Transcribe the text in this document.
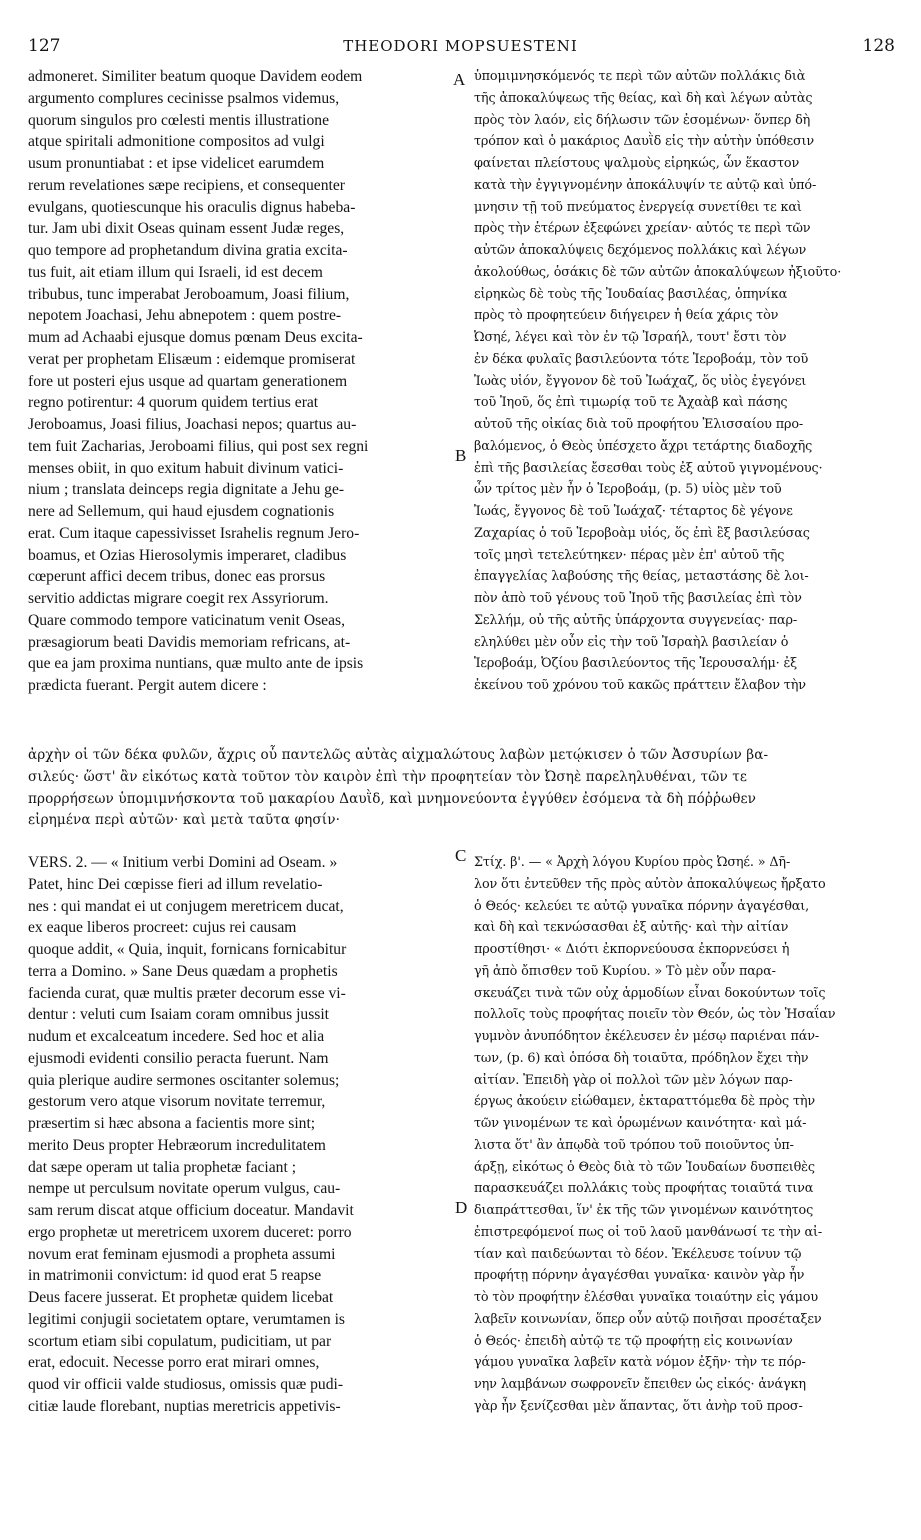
127	THEODORI MOPSUESTENI	128
A
B
C
D
admoneret. Similiter beatum quoque Davidem eodem
argumento complures cecinisse psalmos videmus,
quorum singulos pro cœlesti mentis illustratione
atque spiritali admonitione compositos ad vulgi
usum pronuntiabat : et ipse videlicet earumdem
rerum revelationes sæpe recipiens, et consequenter
evulgans, quotiescunque his oraculis dignus habeba-
tur. Jam ubi dixit Oseas quinam essent Judæ reges,
quo tempore ad prophetandum divina gratia excita-
tus fuit, ait etiam illum qui Israeli, id est decem
tribubus, tunc imperabat Jeroboamum, Joasi filium,
nepotem Joachasi, Jehu abnepotem : quem postre-
mum ad Achaabi ejusque domus pœnam Deus excita-
verat per prophetam Elisæum : eidemque promiserat
fore ut posteri ejus usque ad quartam generationem
regno potirentur: 4 quorum quidem tertius erat
Jeroboamus, Joasi filius, Joachasi nepos; quartus au-
tem fuit Zacharias, Jeroboami filius, qui post sex regni
menses obiit, in quo exitum habuit divinum vatici-
nium ; translata deinceps regia dignitate a Jehu ge-
nere ad Sellemum, qui haud ejusdem cognationis
erat. Cum itaque capessivisset Israhelis regnum Jero-
boamus, et Ozias Hierosolymis imperaret, cladibus
cœperunt affici decem tribus, donec eas prorsus
servitio addictas migrare coegit rex Assyriorum.
Quare commodo tempore vaticinatum venit Oseas,
præsagiorum beati Davidis memoriam refricans, at-
que ea jam proxima nuntians, quæ multo ante de ipsis
prædicta fuerant. Pergit autem dicere :
ὑπομιμνησκόμενός τε περὶ τῶν αὐτῶν πολλάκις διὰ
τῆς ἀποκαλύψεως τῆς θείας, καὶ δὴ καὶ λέγων αὐτὰς
πρὸς τὸν λαόν, εἰς δήλωσιν τῶν ἐσομένων· ὅνπερ δὴ
τρόπον καὶ ὁ μακάριος Δαυῒδ εἰς τὴν αὐτὴν ὑπόθεσιν
φαίνεται πλείστους ψαλμοὺς εἰρηκώς, ὧν ἕκαστον
κατὰ τὴν ἐγγιγνομένην ἀποκάλυψίν τε αὐτῷ καὶ ὑπό-
μνησιν τῇ τοῦ πνεύματος ἐνεργείᾳ συνετίθει τε καὶ
πρὸς τὴν ἑτέρων ἐξεφώνει χρείαν· αὐτός τε περὶ τῶν
αὐτῶν ἀποκαλύψεις δεχόμενος πολλάκις καὶ λέγων
ἀκολούθως, ὁσάκις δὲ τῶν αὐτῶν ἀποκαλύψεων ἠξιοῦτο·
εἰρηκὼς δὲ τοὺς τῆς Ἰουδαίας βασιλέας, ὁπηνίκα
πρὸς τὸ προφητεύειν διήγειρεν ἡ θεία χάρις τὸν
Ὠσηέ, λέγει καὶ τὸν ἐν τῷ Ἰσραήλ, τουτ' ἔστι τὸν
ἐν δέκα φυλαῖς βασιλεύοντα τότε Ἱεροβοάμ, τὸν τοῦ
Ἰωὰς υἱόν, ἔγγονον δὲ τοῦ Ἰωάχαζ, ὅς υἱὸς ἐγεγόνει
τοῦ Ἰηοῦ, ὅς ἐπὶ τιμωρίᾳ τοῦ τε Ἀχαὰβ καὶ πάσης
αὐτοῦ τῆς οἰκίας διὰ τοῦ προφήτου Ἐλισσαίου προ-
βαλόμενος, ὁ Θεὸς ὑπέσχετο ἄχρι τετάρτης διαδοχῆς
ἐπὶ τῆς βασιλείας ἔσεσθαι τοὺς ἐξ αὐτοῦ γιγνομένους·
ὧν τρίτος μὲν ἦν ὁ Ἱεροβοάμ, (p. 5) υἱὸς μὲν τοῦ
Ἰωάς, ἔγγονος δὲ τοῦ Ἰωάχαζ· τέταρτος δὲ γέγονε
Ζαχαρίας ὁ τοῦ Ἱεροβοὰμ υἱός, ὅς ἐπὶ ἓξ βασιλεύσας
τοῖς μησὶ τετελεύτηκεν· πέρας μὲν ἐπ' αὐτοῦ τῆς
ἐπαγγελίας λαβούσης τῆς θείας, μεταστάσης δὲ λοι-
πὸν ἀπὸ τοῦ γένους τοῦ Ἰηοῦ τῆς βασιλείας ἐπὶ τὸν
Σελλήμ, οὐ τῆς αὐτῆς ὑπάρχοντα συγγενείας· παρ-
εληλύθει μὲν οὖν εἰς τὴν τοῦ Ἰσραὴλ βασιλείαν ὁ
Ἱεροβοάμ, Ὀζίου βασιλεύοντος τῆς Ἱερουσαλήμ· ἐξ
ἐκείνου τοῦ χρόνου τοῦ κακῶς πράττειν ἔλαβον τὴν
ἀρχὴν οἱ τῶν δέκα φυλῶν, ἄχρις οὗ παντελῶς αὐτὰς αἰχμαλώτους λαβὼν μετῴκισεν ὁ τῶν Ἀσσυρίων βα-
σιλεύς· ὥστ' ἂν εἰκότως κατὰ τοῦτον τὸν καιρὸν ἐπὶ τὴν προφητείαν τὸν Ὠσηὲ παρεληλυθέναι, τῶν τε
προρρήσεων ὑπομιμνήσκοντα τοῦ μακαρίου Δαυῒδ, καὶ μνημονεύοντα ἐγγύθεν ἐσόμενα τὰ δὴ πόῤῥωθεν
εἰρημένα περὶ αὐτῶν· καὶ μετὰ ταῦτα φησίν·
VERS. 2. — « Initium verbi Domini ad Oseam. »
Patet, hinc Dei cœpisse fieri ad illum revelatio-
nes : qui mandat ei ut conjugem meretricem ducat,
ex eaque liberos procreet: cujus rei causam
quoque addit, « Quia, inquit, fornicans fornicabitur
terra a Domino. » Sane Deus quædam a prophetis
facienda curat, quæ multis præter decorum esse vi-
dentur : veluti cum Isaiam coram omnibus jussit
nudum et excalceatum incedere. Sed hoc et alia
ejusmodi evidenti consilio peracta fuerunt. Nam
quia plerique audire sermones oscitanter solemus;
gestorum vero atque visorum novitate terremur,
præsertim si hæc absona a facientis more sint;
merito Deus propter Hebræorum incredulitatem
dat sæpe operam ut talia prophetæ faciant ;
nempe ut perculsum novitate operum vulgus, cau-
sam rerum discat atque officium doceatur. Mandavit
ergo prophetæ ut meretricem uxorem duceret: porro
novum erat feminam ejusmodi a propheta assumi
in matrimonii convictum: id quod erat 5 reapse
Deus facere jusserat. Et prophetæ quidem licebat
legitimi conjugii societatem optare, verumtamen is
scortum etiam sibi copulatum, pudicitiam, ut par
erat, edocuit. Necesse porro erat mirari omnes,
quod vir officii valde studiosus, omissis quæ pudi-
citiæ laude florebant, nuptias meretricis appetivis-
Στίχ. β'. — « Ἀρχὴ λόγου Κυρίου πρὸς Ὠσηέ. » Δῆ-
λον ὅτι ἐντεῦθεν τῆς πρὸς αὐτὸν ἀποκαλύψεως ἤρξατο
ὁ Θεός· κελεύει τε αὐτῷ γυναῖκα πόρνην ἀγαγέσθαι,
καὶ δὴ καὶ τεκνώσασθαι ἐξ αὐτῆς· καὶ τὴν αἰτίαν
προστίθησι· « Διότι ἐκπορνεύουσα ἐκπορνεύσει ἡ
γῆ ἀπὸ ὄπισθεν τοῦ Κυρίου. » Τὸ μὲν οὖν παρα-
σκευάζει τινὰ τῶν οὐχ ἁρμοδίων εἶναι δοκούντων τοῖς
πολλοῖς τοὺς προφήτας ποιεῖν τὸν Θεόν, ὡς τὸν Ἡσαΐαν
γυμνὸν ἀνυπόδητον ἐκέλευσεν ἐν μέσῳ παριέναι πάν-
των, (p. 6) καὶ ὁπόσα δὴ τοιαῦτα, πρόδηλον ἔχει τὴν
αἰτίαν. Ἐπειδὴ γὰρ οἱ πολλοὶ τῶν μὲν λόγων παρ-
έργως ἀκούειν εἰώθαμεν, ἐκταραττόμεθα δὲ πρὸς τὴν
τῶν γινομένων τε καὶ ὁρωμένων καινότητα· καὶ μά-
λιστα ὅτ' ἂν ἀπῳδὰ τοῦ τρόπου τοῦ ποιοῦντος ὑπ-
άρξῃ, εἰκότως ὁ Θεὸς διὰ τὸ τῶν Ἰουδαίων δυσπειθὲς
παρασκευάζει πολλάκις τοὺς προφήτας τοιαῦτά τινα
διαπράττεσθαι, ἵν' ἐκ τῆς τῶν γινομένων καινότητος
ἐπιστρεφόμενοί πως οἱ τοῦ λαοῦ μανθάνωσί τε τὴν αἰ-
τίαν καὶ παιδεύωνται τὸ δέον. Ἐκέλευσε τοίνυν τῷ
προφήτῃ πόρνην ἀγαγέσθαι γυναῖκα· καινὸν γὰρ ἦν
τὸ τὸν προφήτην ἑλέσθαι γυναῖκα τοιαύτην εἰς γάμου
λαβεῖν κοινωνίαν, ὅπερ οὖν αὐτῷ ποιῆσαι προσέταξεν
ὁ Θεός· ἐπειδὴ αὐτῷ τε τῷ προφήτῃ εἰς κοινωνίαν
γάμου γυναῖκα λαβεῖν κατὰ νόμον ἐξῆν· τὴν τε πόρ-
νην λαμβάνων σωφρονεῖν ἔπειθεν ὡς εἰκός· ἀνάγκη
γὰρ ἦν ξενίζεσθαι μὲν ἅπαντας, ὅτι ἀνὴρ τοῦ προσ-
